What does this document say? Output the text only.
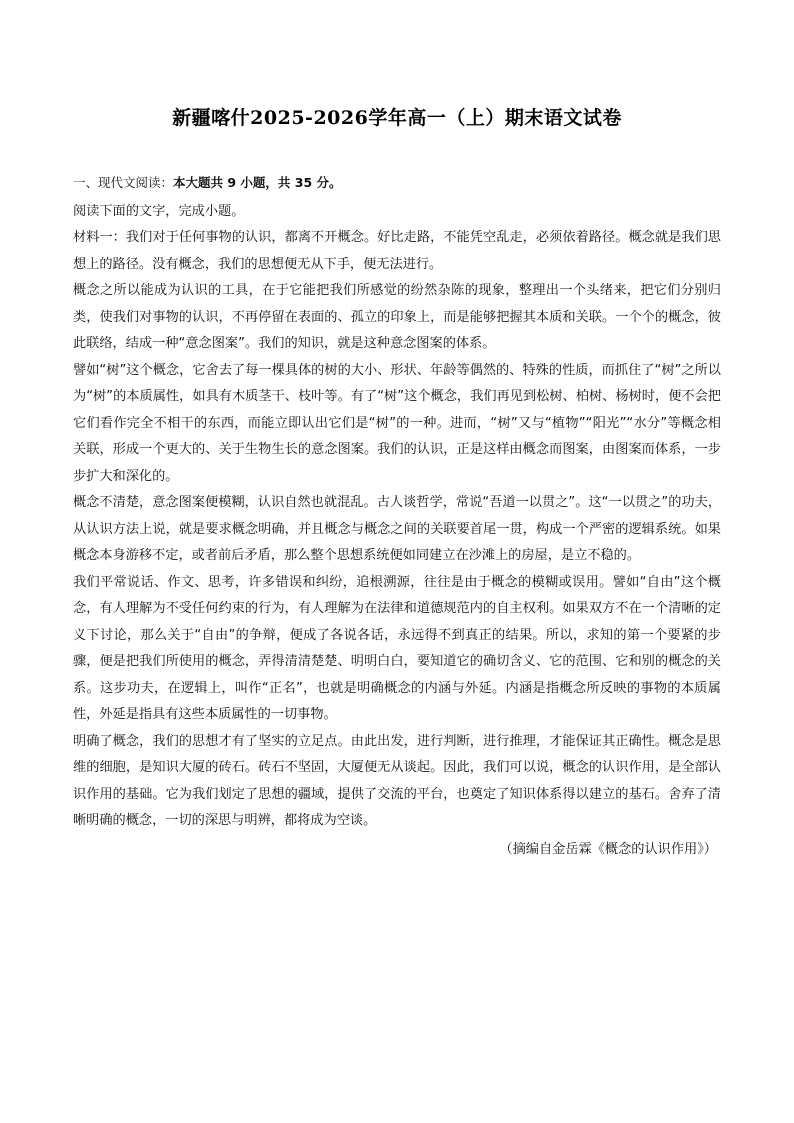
新疆喀什2025-2026学年高一（上）期末语文试卷
一、现代文阅读：本大题共 9 小题，共 35 分。

阅读下面的文字，完成小题。

材料一：我们对于任何事物的认识，都离不开概念。好比走路，不能凭空乱走，必须依着路径。概念就是我们思想上的路径。没有概念，我们的思想便无从下手，便无法进行。

概念之所以能成为认识的工具，在于它能把我们所感觉的纷然杂陈的现象，整理出一个头绪来，把它们分别归类，使我们对事物的认识，不再停留在表面的、孤立的印象上，而是能够把握其本质和关联。一个个的概念，彼此联络，结成一种“意念图案”。我们的知识，就是这种意念图案的体系。

譬如“树”这个概念，它舍去了每一棵具体的树的大小、形状、年龄等偶然的、特殊的性质，而抓住了“树”之所以为“树”的本质属性，如具有木质茎干、枝叶等。有了“树”这个概念，我们再见到松树、柏树、杨树时，便不会把它们看作完全不相干的东西，而能立即认出它们是“树”的一种。进而，“树”又与“植物”“阳光”“水分”等概念相关联，形成一个更大的、关于生物生长的意念图案。我们的认识，正是这样由概念而图案，由图案而体系，一步步扩大和深化的。

概念不清楚，意念图案便模糊，认识自然也就混乱。古人谈哲学，常说“吾道一以贯之”。这“一以贯之”的功夫，从认识方法上说，就是要求概念明确，并且概念与概念之间的关联要首尾一贯，构成一个严密的逻辑系统。如果概念本身游移不定，或者前后矛盾，那么整个思想系统便如同建立在沙滩上的房屋，是立不稳的。

我们平常说话、作文、思考，许多错误和纠纷，追根溯源，往往是由于概念的模糊或误用。譬如“自由”这个概念，有人理解为不受任何约束的行为，有人理解为在法律和道德规范内的自主权利。如果双方不在一个清晰的定义下讨论，那么关于“自由”的争辩，便成了各说各话，永远得不到真正的结果。所以，求知的第一个要紧的步骤，便是把我们所使用的概念，弄得清清楚楚、明明白白，要知道它的确切含义、它的范围、它和别的概念的关系。这步功夫，在逻辑上，叫作“正名”，也就是明确概念的内涵与外延。内涵是指概念所反映的事物的本质属性，外延是指具有这些本质属性的一切事物。

明确了概念，我们的思想才有了坚实的立足点。由此出发，进行判断，进行推理，才能保证其正确性。概念是思维的细胞，是知识大厦的砖石。砖石不坚固，大厦便无从谈起。因此，我们可以说，概念的认识作用，是全部认识作用的基础。它为我们划定了思想的疆域，提供了交流的平台，也奠定了知识体系得以建立的基石。舍弃了清晰明确的概念，一切的深思与明辨，都将成为空谈。

（摘编自金岳霖《概念的认识作用》）
